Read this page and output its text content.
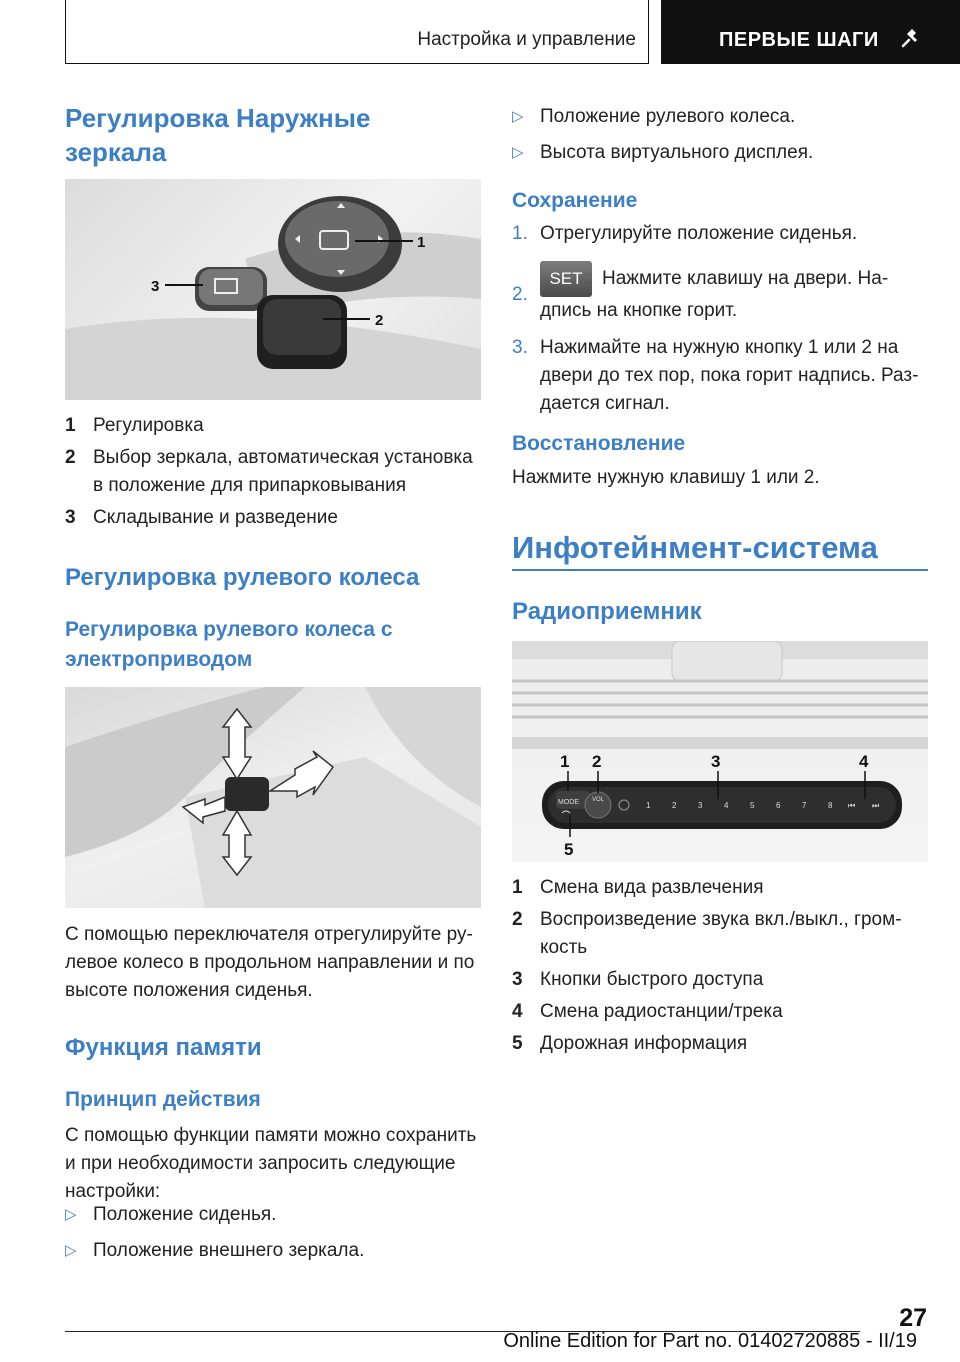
Настройка и управление	ПЕРВЫЕ ШАГИ
Регулировка Наружные зеркала
1
2
3
1 Регулировка
2 Выбор зеркала, автоматическая установка в положение для припарковывания
3 Складывание и разведение
Регулировка рулевого колеса
Регулировка рулевого колеса с электроприводом

С помощью переключателя отрегулируйте рулевое колесо в продольном направлении и по высоте положения сиденья.

Функция памяти
Принцип действия

С помощью функции памяти можно сохранить и при необходимости запросить следующие настройки:

▷ Положение сиденья.
▷ Положение внешнего зеркала.
▷ Положение рулевого колеса.
▷ Высота виртуального дисплея.
Сохранение
1. Отрегулируйте положение сиденья.
2.
SET Нажмите клавишу на двери. Надпись на кнопке горит.
3. Нажимайте на нужную кнопку 1 или 2 на двери до тех пор, пока горит надпись. Раздается сигнал.
Восстановление

Нажмите нужную клавишу 1 или 2.

Инфотейнмент-система
Радиоприемник
MODE VOL
1	2	3	4	5	6	7	8 ⏮ ⏭
1 2	3	4
5
1 Смена вида развлечения
2 Воспроизведение звука вкл./выкл., громкость
3 Кнопки быстрого доступа
4 Смена радиостанции/трека
5 Дорожная информация
27
Online Edition for Part no. 01402720885 - II/19
